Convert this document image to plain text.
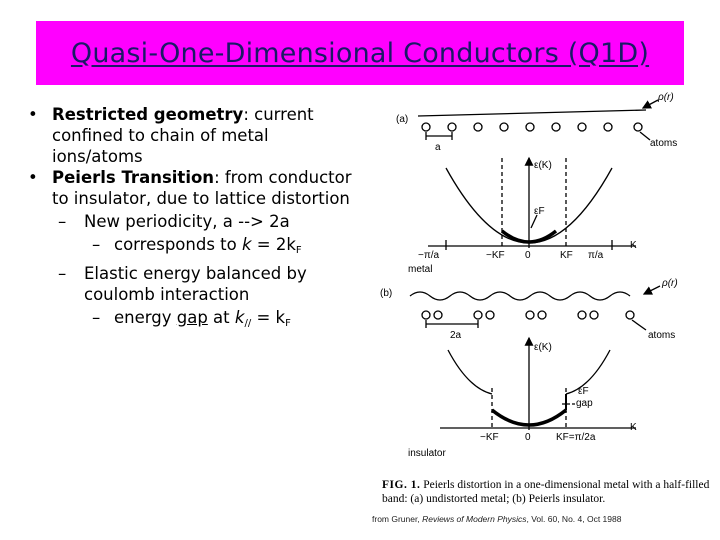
Quasi-One-Dimensional Conductors (Q1D)

• Restricted geometry: current confined to chain of metal ions/atoms

• Peierls Transition: from conductor to insulator, due to lattice distortion

– New periodicity, a --> 2a

– corresponds to $k = 2k_F$

– Elastic energy balanced by coulomb interaction

– energy gap at $k_{//} = k_F$

(a)
ρ(r)
atoms
a
ε(K)
εF
K
−π/a	−KF 0	KF π/a
metal
(b)
ρ(r)
atoms
2a
ε(K)
gap
εF
K
−KF	0	KF=π/2a
insulator
FIG. 1. Peierls distortion in a one-dimensional metal with a half-filled band: (a) undistorted metal; (b) Peierls insulator.
from Gruner, Reviews of Modern Physics, Vol. 60, No. 4, Oct 1988
